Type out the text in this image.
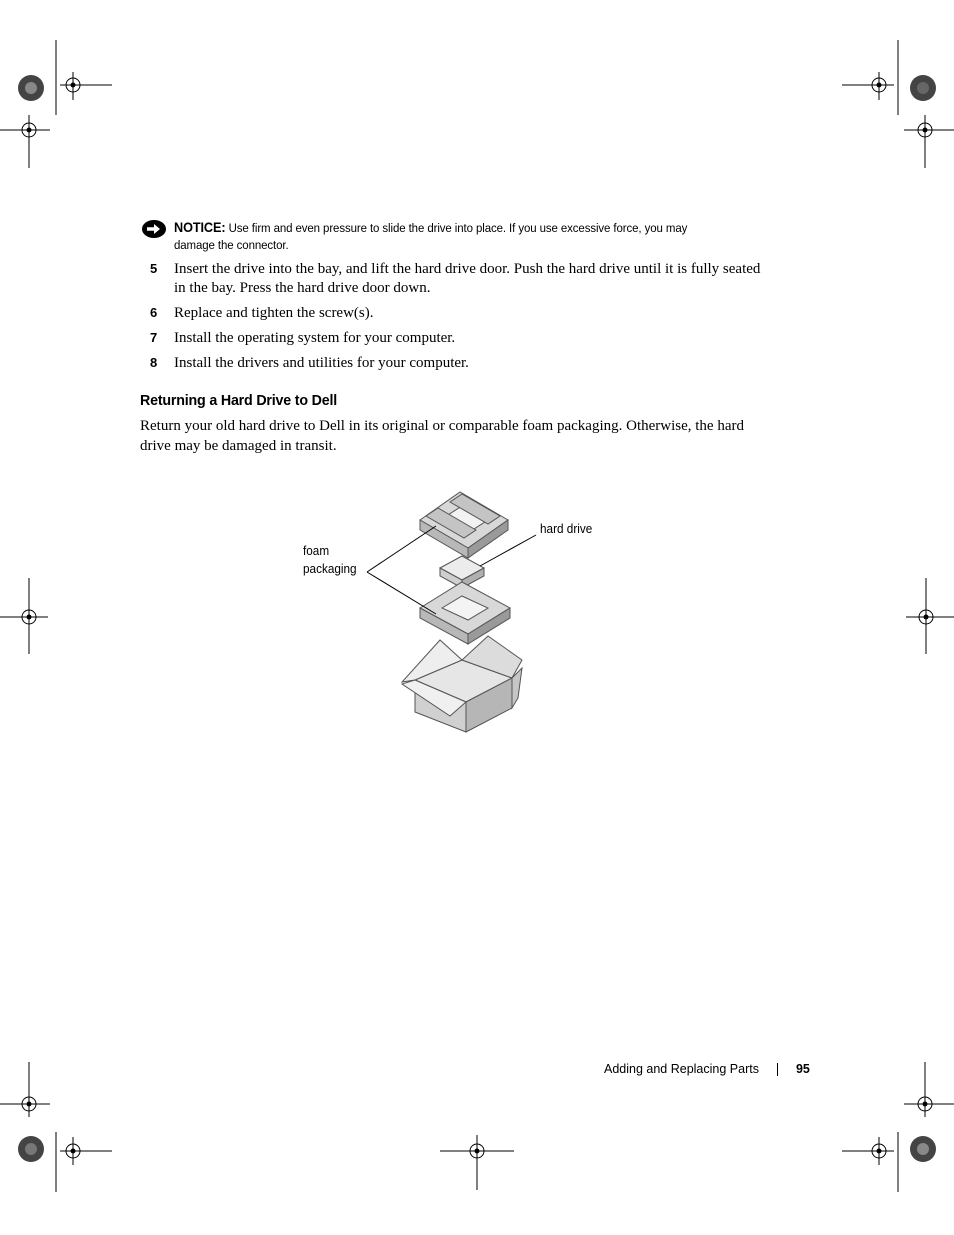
NOTICE: Use firm and even pressure to slide the drive into place. If you use excessive force, you may damage the connector.
5 Insert the drive into the bay, and lift the hard drive door. Push the hard drive until it is fully seated in the bay. Press the hard drive door down.
6 Replace and tighten the screw(s).
7 Install the operating system for your computer.
8 Install the drivers and utilities for your computer.
Returning a Hard Drive to Dell

Return your old hard drive to Dell in its original or comparable foam packaging. Otherwise, the hard drive may be damaged in transit.

hard drive
foam
packaging
Adding and Replacing Parts	95
